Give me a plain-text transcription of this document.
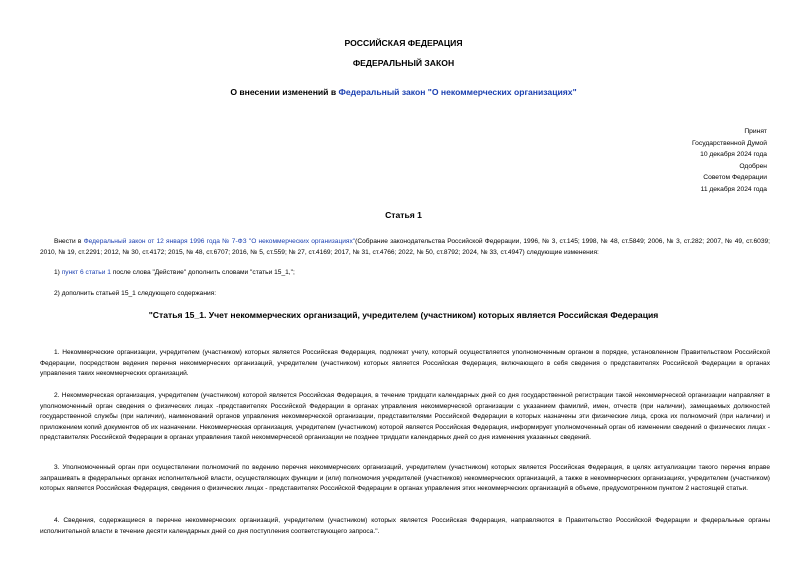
РОССИЙСКАЯ ФЕДЕРАЦИЯ
ФЕДЕРАЛЬНЫЙ ЗАКОН
О внесении изменений в Федеральный закон "О некоммерческих организациях"
Принят
Государственной Думой
10 декабря 2024 года
Одобрен
Советом Федерации
11 декабря 2024 года
Статья 1
Внести в Федеральный закон от 12 января 1996 года № 7-ФЗ "О некоммерческих организациях"(Собрание законодательства Российской Федерации, 1996, № 3, ст.145; 1998, № 48, ст.5849; 2006, № 3, ст.282; 2007, № 49, ст.6039; 2010, № 19, ст.2291; 2012, № 30, ст.4172; 2015, № 48, ст.6707; 2016, № 5, ст.559; № 27, ст.4169; 2017, № 31, ст.4766; 2022, № 50, ст.8792; 2024, № 33, ст.4947) следующие изменения:
1) пункт 6 статьи 1 после слова "Действие" дополнить словами "статьи 15_1,";
2) дополнить статьей 15_1 следующего содержания:
"Статья 15_1. Учет некоммерческих организаций, учредителем (участником) которых является Российская Федерация
1. Некоммерческие организации, учредителем (участником) которых является Российская Федерация, подлежат учету, который осуществляется уполномоченным органом в порядке, установленном Правительством Российской Федерации, посредством ведения перечня некоммерческих организаций, учредителем (участником) которых является Российская Федерация, включающего в себя сведения о представителях Российской Федерации в органах управления таких некоммерческих организаций.
2. Некоммерческая организация, учредителем (участником) которой является Российская Федерация, в течение тридцати календарных дней со дня государственной регистрации такой некоммерческой организации направляет в уполномоченный орган сведения о физических лицах -представителях Российской Федерации в органах управления некоммерческой организации с указанием фамилий, имен, отчеств (при наличии), замещаемых должностей государственной службы (при наличии), наименований органов управления некоммерческой организации, представителями Российской Федерации в которых назначены эти физические лица, срока их полномочий (при наличии) и приложением копий документов об их назначении. Некоммерческая организация, учредителем (участником) которой является Российская Федерация, информирует уполномоченный орган об изменении сведений о физических лицах - представителях Российской Федерации в органах управления такой некоммерческой организации не позднее тридцати календарных дней со дня изменения указанных сведений.
3. Уполномоченный орган при осуществлении полномочий по ведению перечня некоммерческих организаций, учредителем (участником) которых является Российская Федерация, в целях актуализации такого перечня вправе запрашивать в федеральных органах исполнительной власти, осуществляющих функции и (или) полномочия учредителей (участников) некоммерческих организаций, а также в некоммерческих организациях, учредителем (участником) которых является Российская Федерация, сведения о физических лицах - представителях Российской Федерации в органах управления этих некоммерческих организаций в объеме, предусмотренном пунктом 2 настоящей статьи.
4. Сведения, содержащиеся в перечне некоммерческих организаций, учредителем (участником) которых является Российская Федерация, направляются в Правительство Российской Федерации и федеральные органы исполнительной власти в течение десяти календарных дней со дня поступления соответствующего запроса.".
